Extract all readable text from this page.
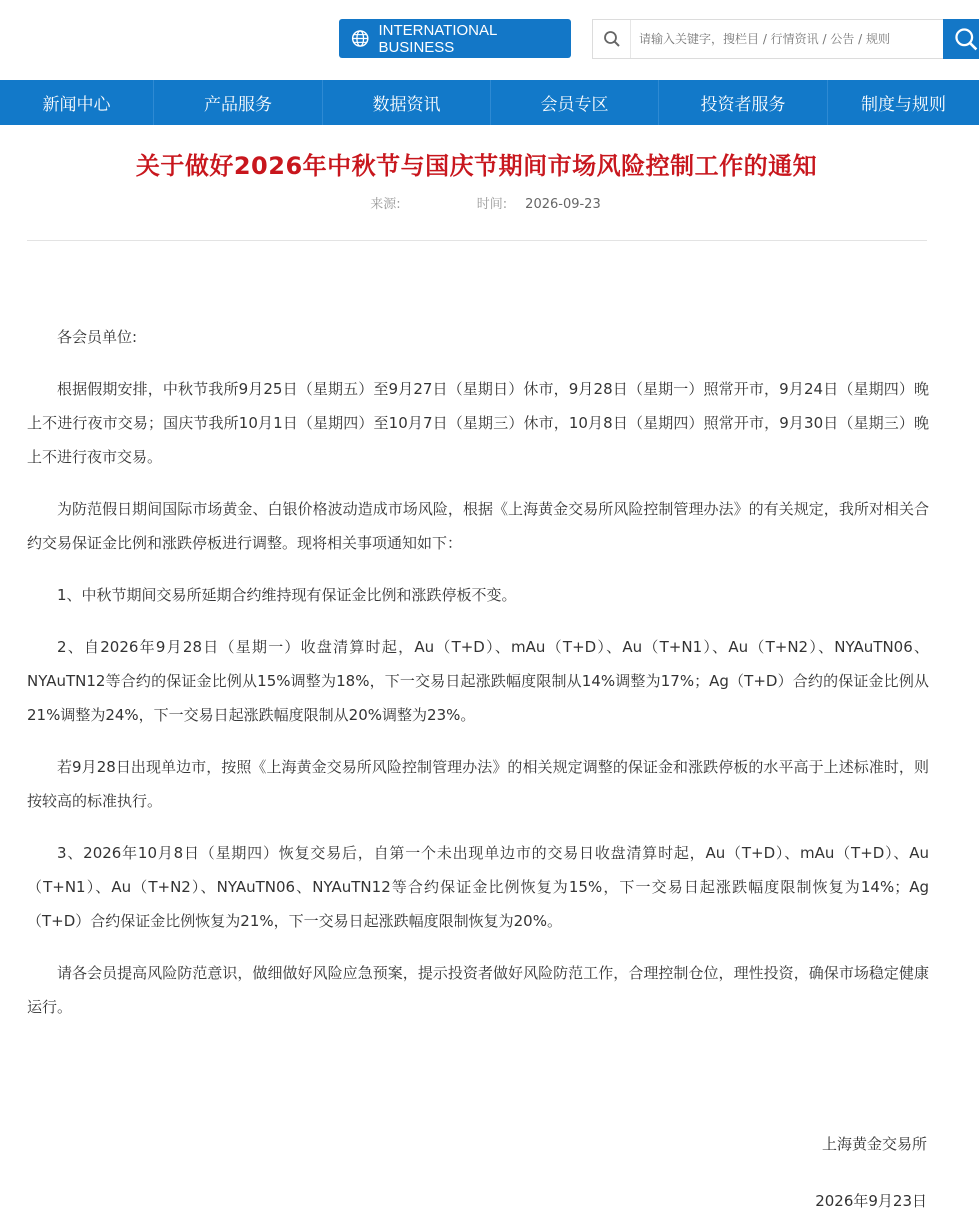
INTERNATIONAL BUSINESS
请输入关键字，搜栏目 / 行情资讯 / 公告 / 规则
新闻中心	产品服务	数据资讯	会员专区	投资者服务	制度与规则
关于做好2026年中秋节与国庆节期间市场风险控制工作的通知
来源:	时间: 2026-09-23

各会员单位:

根据假期安排，中秋节我所9月25日（星期五）至9月27日（星期日）休市，9月28日（星期一）照常开市，9月24日（星期四）晚上不进行夜市交易；国庆节我所10月1日（星期四）至10月7日（星期三）休市，10月8日（星期四）照常开市，9月30日（星期三）晚上不进行夜市交易。

为防范假日期间国际市场黄金、白银价格波动造成市场风险，根据《上海黄金交易所风险控制管理办法》的有关规定，我所对相关合约交易保证金比例和涨跌停板进行调整。现将相关事项通知如下：

1、中秋节期间交易所延期合约维持现有保证金比例和涨跌停板不变。

2、自2026年9月28日（星期一）收盘清算时起，Au（T+D）、mAu（T+D）、Au（T+N1）、Au（T+N2）、NYAuTN06、NYAuTN12等合约的保证金比例从15%调整为18%，下一交易日起涨跌幅度限制从14%调整为17%；Ag（T+D）合约的保证金比例从21%调整为24%，下一交易日起涨跌幅度限制从20%调整为23%。

若9月28日出现单边市，按照《上海黄金交易所风险控制管理办法》的相关规定调整的保证金和涨跌停板的水平高于上述标准时，则按较高的标准执行。

3、2026年10月8日（星期四）恢复交易后，自第一个未出现单边市的交易日收盘清算时起，Au（T+D）、mAu（T+D）、Au（T+N1）、Au（T+N2）、NYAuTN06、NYAuTN12等合约保证金比例恢复为15%，下一交易日起涨跌幅度限制恢复为14%；Ag（T+D）合约保证金比例恢复为21%，下一交易日起涨跌幅度限制恢复为20%。

请各会员提高风险防范意识，做细做好风险应急预案，提示投资者做好风险防范工作，合理控制仓位，理性投资，确保市场稳定健康运行。

上海黄金交易所
2026年9月23日
